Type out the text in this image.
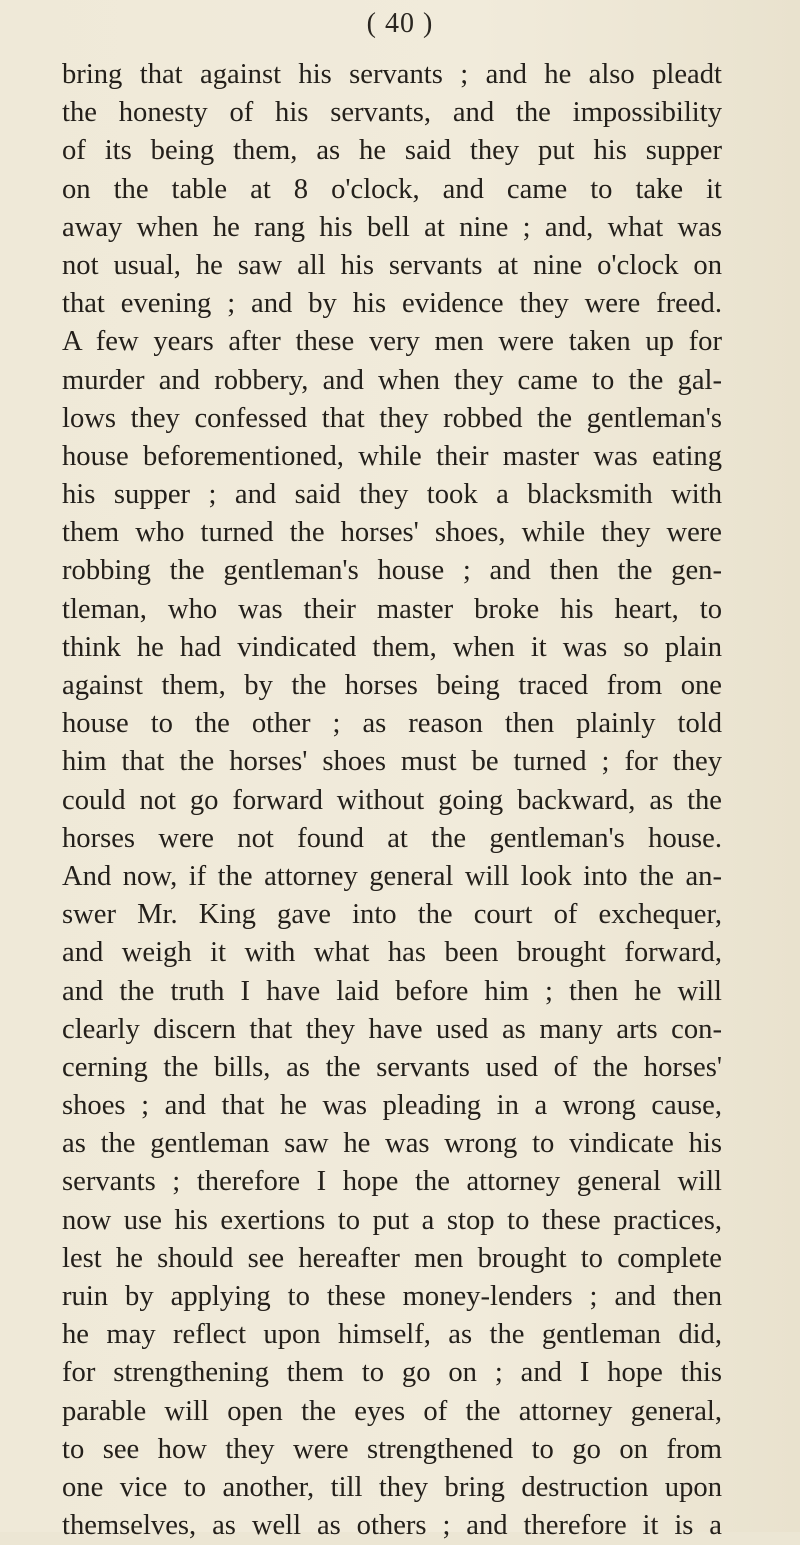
( 40 )
bring that against his servants ; and he also pleadt
the honesty of his servants, and the impossibility
of its being them, as he said they put his supper
on the table at 8 o'clock, and came to take it
away when he rang his bell at nine ; and, what was
not usual, he saw all his servants at nine o'clock on
that evening ; and by his evidence they were freed.
A few years after these very men were taken up for
murder and robbery, and when they came to the gal-
lows they confessed that they robbed the gentleman's
house beforementioned, while their master was eating
his supper ; and said they took a blacksmith with
them who turned the horses' shoes, while they were
robbing the gentleman's house ; and then the gen-
tleman, who was their master broke his heart, to
think he had vindicated them, when it was so plain
against them, by the horses being traced from one
house to the other ; as reason then plainly told
him that the horses' shoes must be turned ; for they
could not go forward without going backward, as the
horses were not found at the gentleman's house.
And now, if the attorney general will look into the an-
swer Mr. King gave into the court of exchequer,
and weigh it with what has been brought forward,
and the truth I have laid before him ; then he will
clearly discern that they have used as many arts con-
cerning the bills, as the servants used of the horses'
shoes ; and that he was pleading in a wrong cause,
as the gentleman saw he was wrong to vindicate his
servants ; therefore I hope the attorney general will
now use his exertions to put a stop to these practices,
lest he should see hereafter men brought to complete
ruin by applying to these money-lenders ; and then
he may reflect upon himself, as the gentleman did,
for strengthening them to go on ; and I hope this
parable will open the eyes of the attorney general,
to see how they were strengthened to go on from
one vice to another, till they bring destruction upon
themselves, as well as others ; and therefore it is a
